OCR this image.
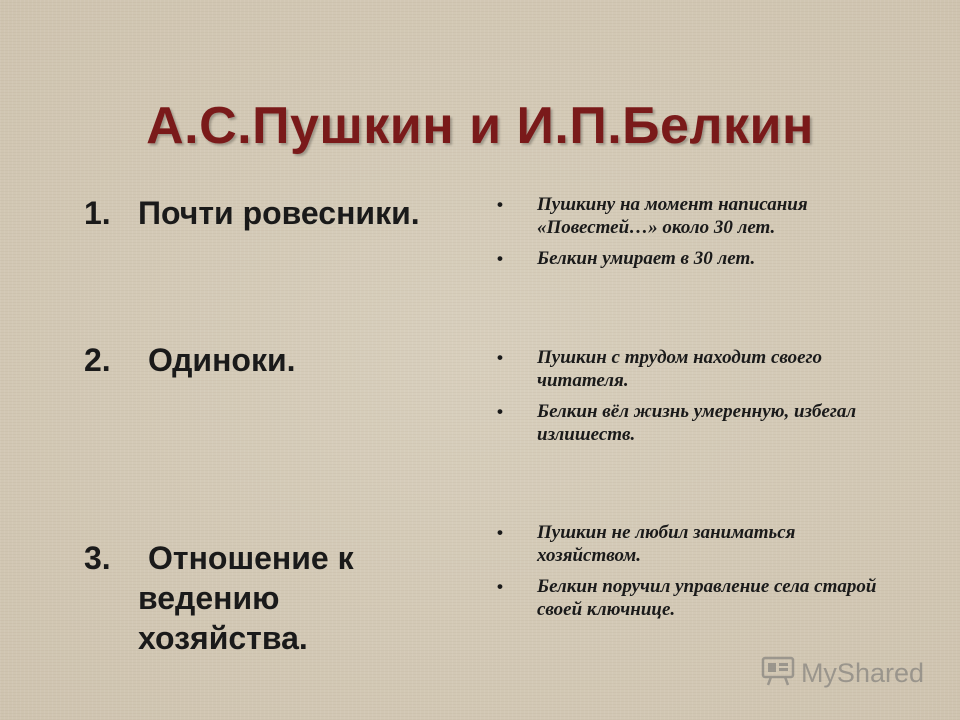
А.С.Пушкин и И.П.Белкин
1. Почти ровесники.	• Пушкину на момент написания «Повестей…» около 30 лет.
• Белкин умирает в 30 лет.
2. Одиноки.	• Пушкин с трудом находит своего читателя.
• Белкин вёл жизнь умеренную, избегал излишеств.
3. Отношение к
ведению
хозяйства.
• Пушкин не любил заниматься хозяйством.
• Белкин поручил управление села старой своей ключнице.
MyShared
